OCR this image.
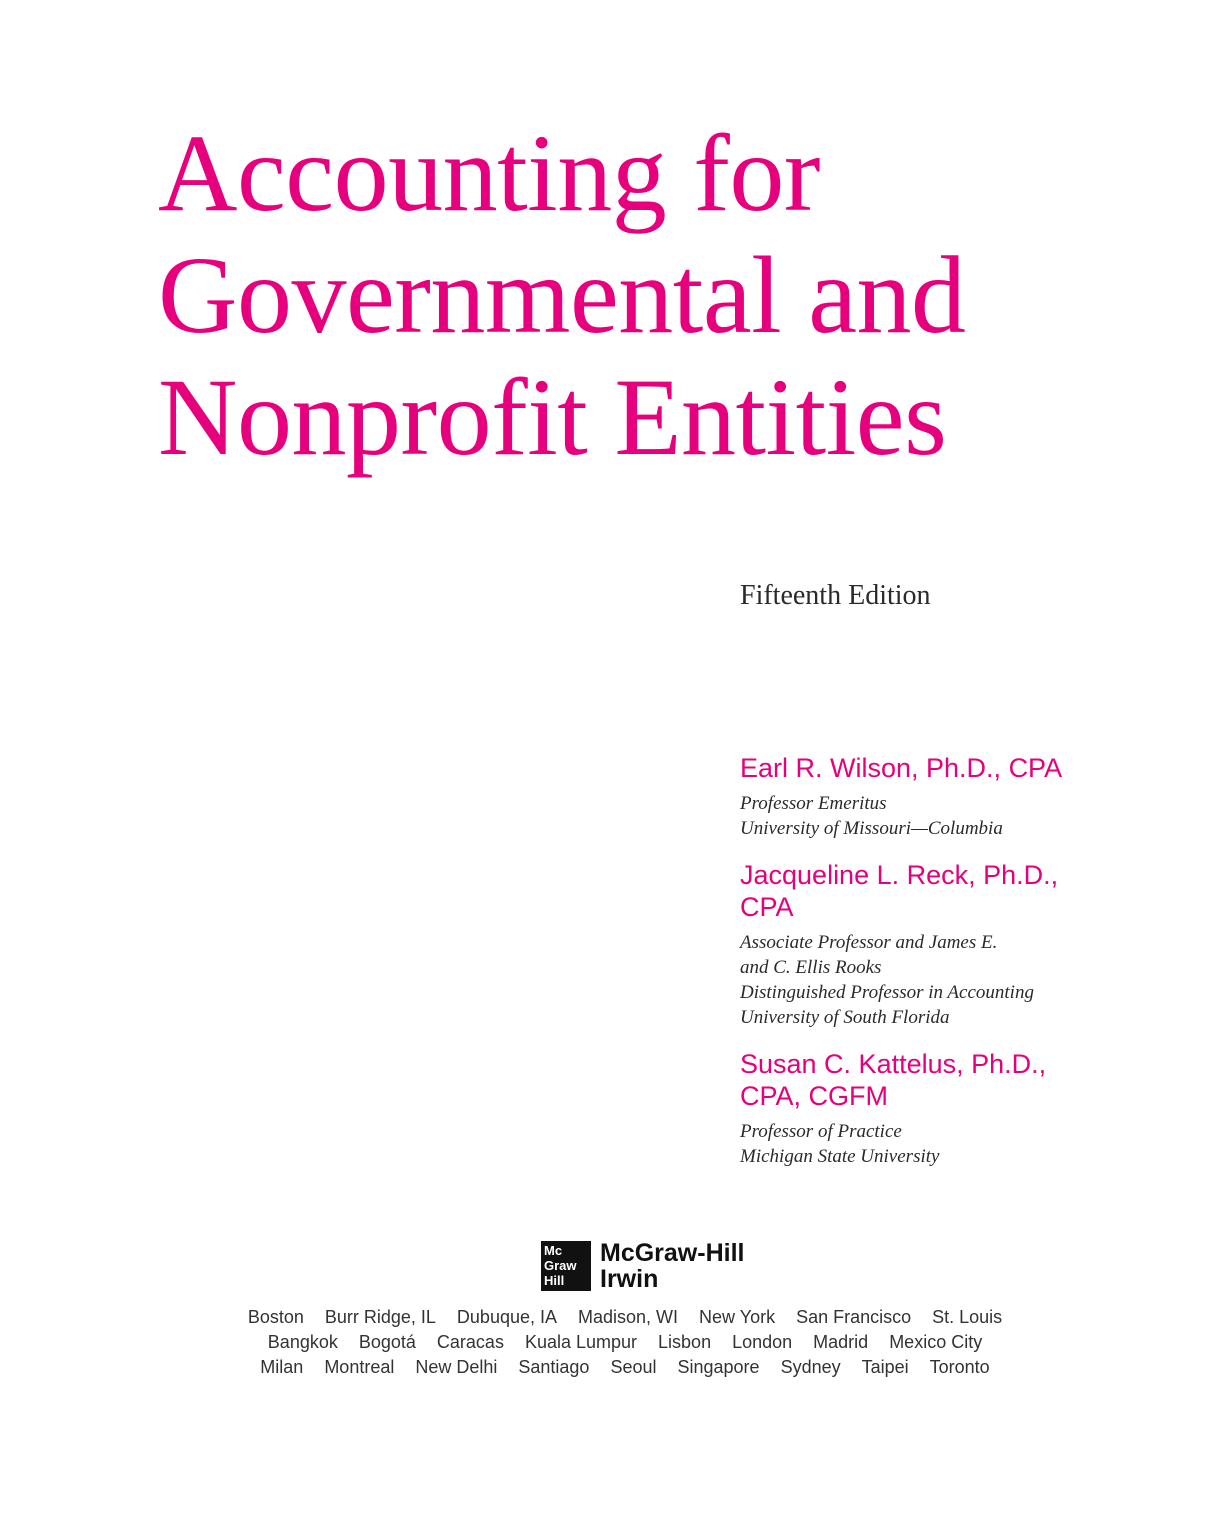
Accounting for
Governmental and
Nonprofit Entities
Fifteenth Edition
Earl R. Wilson, Ph.D., CPA
Professor Emeritus
University of Missouri—Columbia
Jacqueline L. Reck, Ph.D.,
CPA
Associate Professor and James E.
and C. Ellis Rooks
Distinguished Professor in Accounting
University of South Florida
Susan C. Kattelus, Ph.D.,
CPA, CGFM
Professor of Practice
Michigan State University
Mc
Graw
Hill
McGraw-Hill
Irwin
Boston Burr Ridge, IL Dubuque, IA Madison, WI New York San Francisco St. Louis
Bangkok Bogotá Caracas Kuala Lumpur Lisbon London Madrid Mexico City
Milan Montreal New Delhi Santiago Seoul Singapore Sydney Taipei Toronto
